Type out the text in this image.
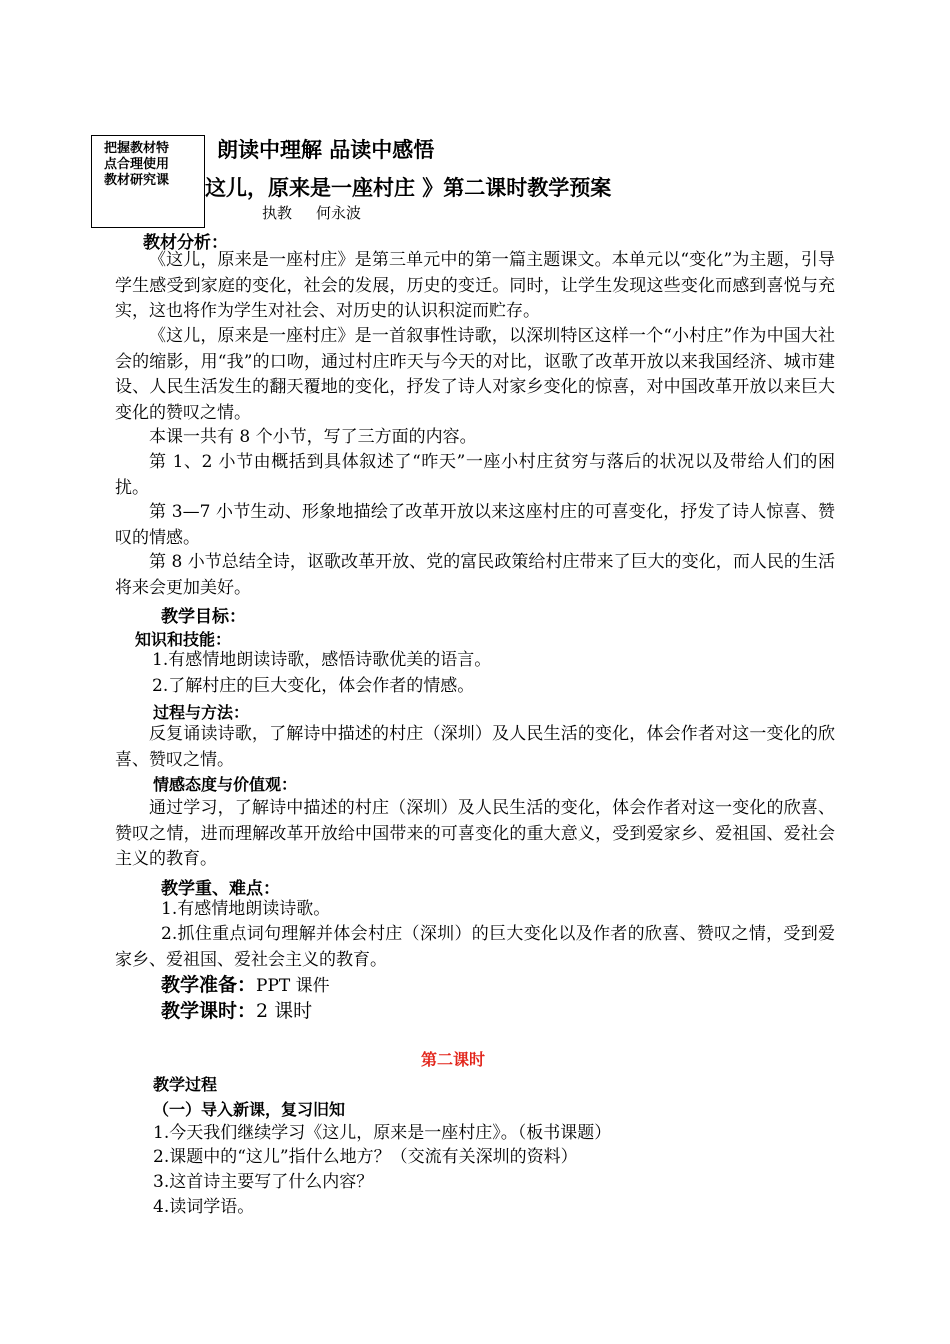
把握教材特
点合理使用
教材研究课
朗读中理解 品读中感悟
这儿，原来是一座村庄 》第二课时教学预案
执教 何永波
教材分析：
《这儿，原来是一座村庄》是第三单元中的第一篇主题课文。本单元以“变化”为主题，引导学生感受到家庭的变化，社会的发展，历史的变迁。同时，让学生发现这些变化而感到喜悦与充实，这也将作为学生对社会、对历史的认识积淀而贮存。
《这儿，原来是一座村庄》是一首叙事性诗歌，以深圳特区这样一个“小村庄”作为中国大社会的缩影，用“我”的口吻，通过村庄昨天与今天的对比，讴歌了改革开放以来我国经济、城市建设、人民生活发生的翻天覆地的变化，抒发了诗人对家乡变化的惊喜，对中国改革开放以来巨大变化的赞叹之情。
本课一共有 8 个小节，写了三方面的内容。
第 1、2 小节由概括到具体叙述了“昨天”一座小村庄贫穷与落后的状况以及带给人们的困扰。
第 3—7 小节生动、形象地描绘了改革开放以来这座村庄的可喜变化，抒发了诗人惊喜、赞叹的情感。
第 8 小节总结全诗，讴歌改革开放、党的富民政策给村庄带来了巨大的变化，而人民的生活将来会更加美好。
教学目标：
知识和技能：
1.有感情地朗读诗歌，感悟诗歌优美的语言。
2.了解村庄的巨大变化，体会作者的情感。
过程与方法：
反复诵读诗歌，了解诗中描述的村庄（深圳）及人民生活的变化，体会作者对这一变化的欣喜、赞叹之情。
情感态度与价值观：
通过学习，了解诗中描述的村庄（深圳）及人民生活的变化，体会作者对这一变化的欣喜、赞叹之情，进而理解改革开放给中国带来的可喜变化的重大意义，受到爱家乡、爱祖国、爱社会主义的教育。
教学重、难点：
1.有感情地朗读诗歌。
2.抓住重点词句理解并体会村庄（深圳）的巨大变化以及作者的欣喜、赞叹之情，受到爱家乡、爱祖国、爱社会主义的教育。
教学准备：PPT 课件
教学课时：2 课时
第二课时
教学过程
（一）导入新课，复习旧知
1.今天我们继续学习《这儿，原来是一座村庄》。（板书课题）
2.课题中的“这儿”指什么地方？（交流有关深圳的资料）
3.这首诗主要写了什么内容？
4.读词学语。
